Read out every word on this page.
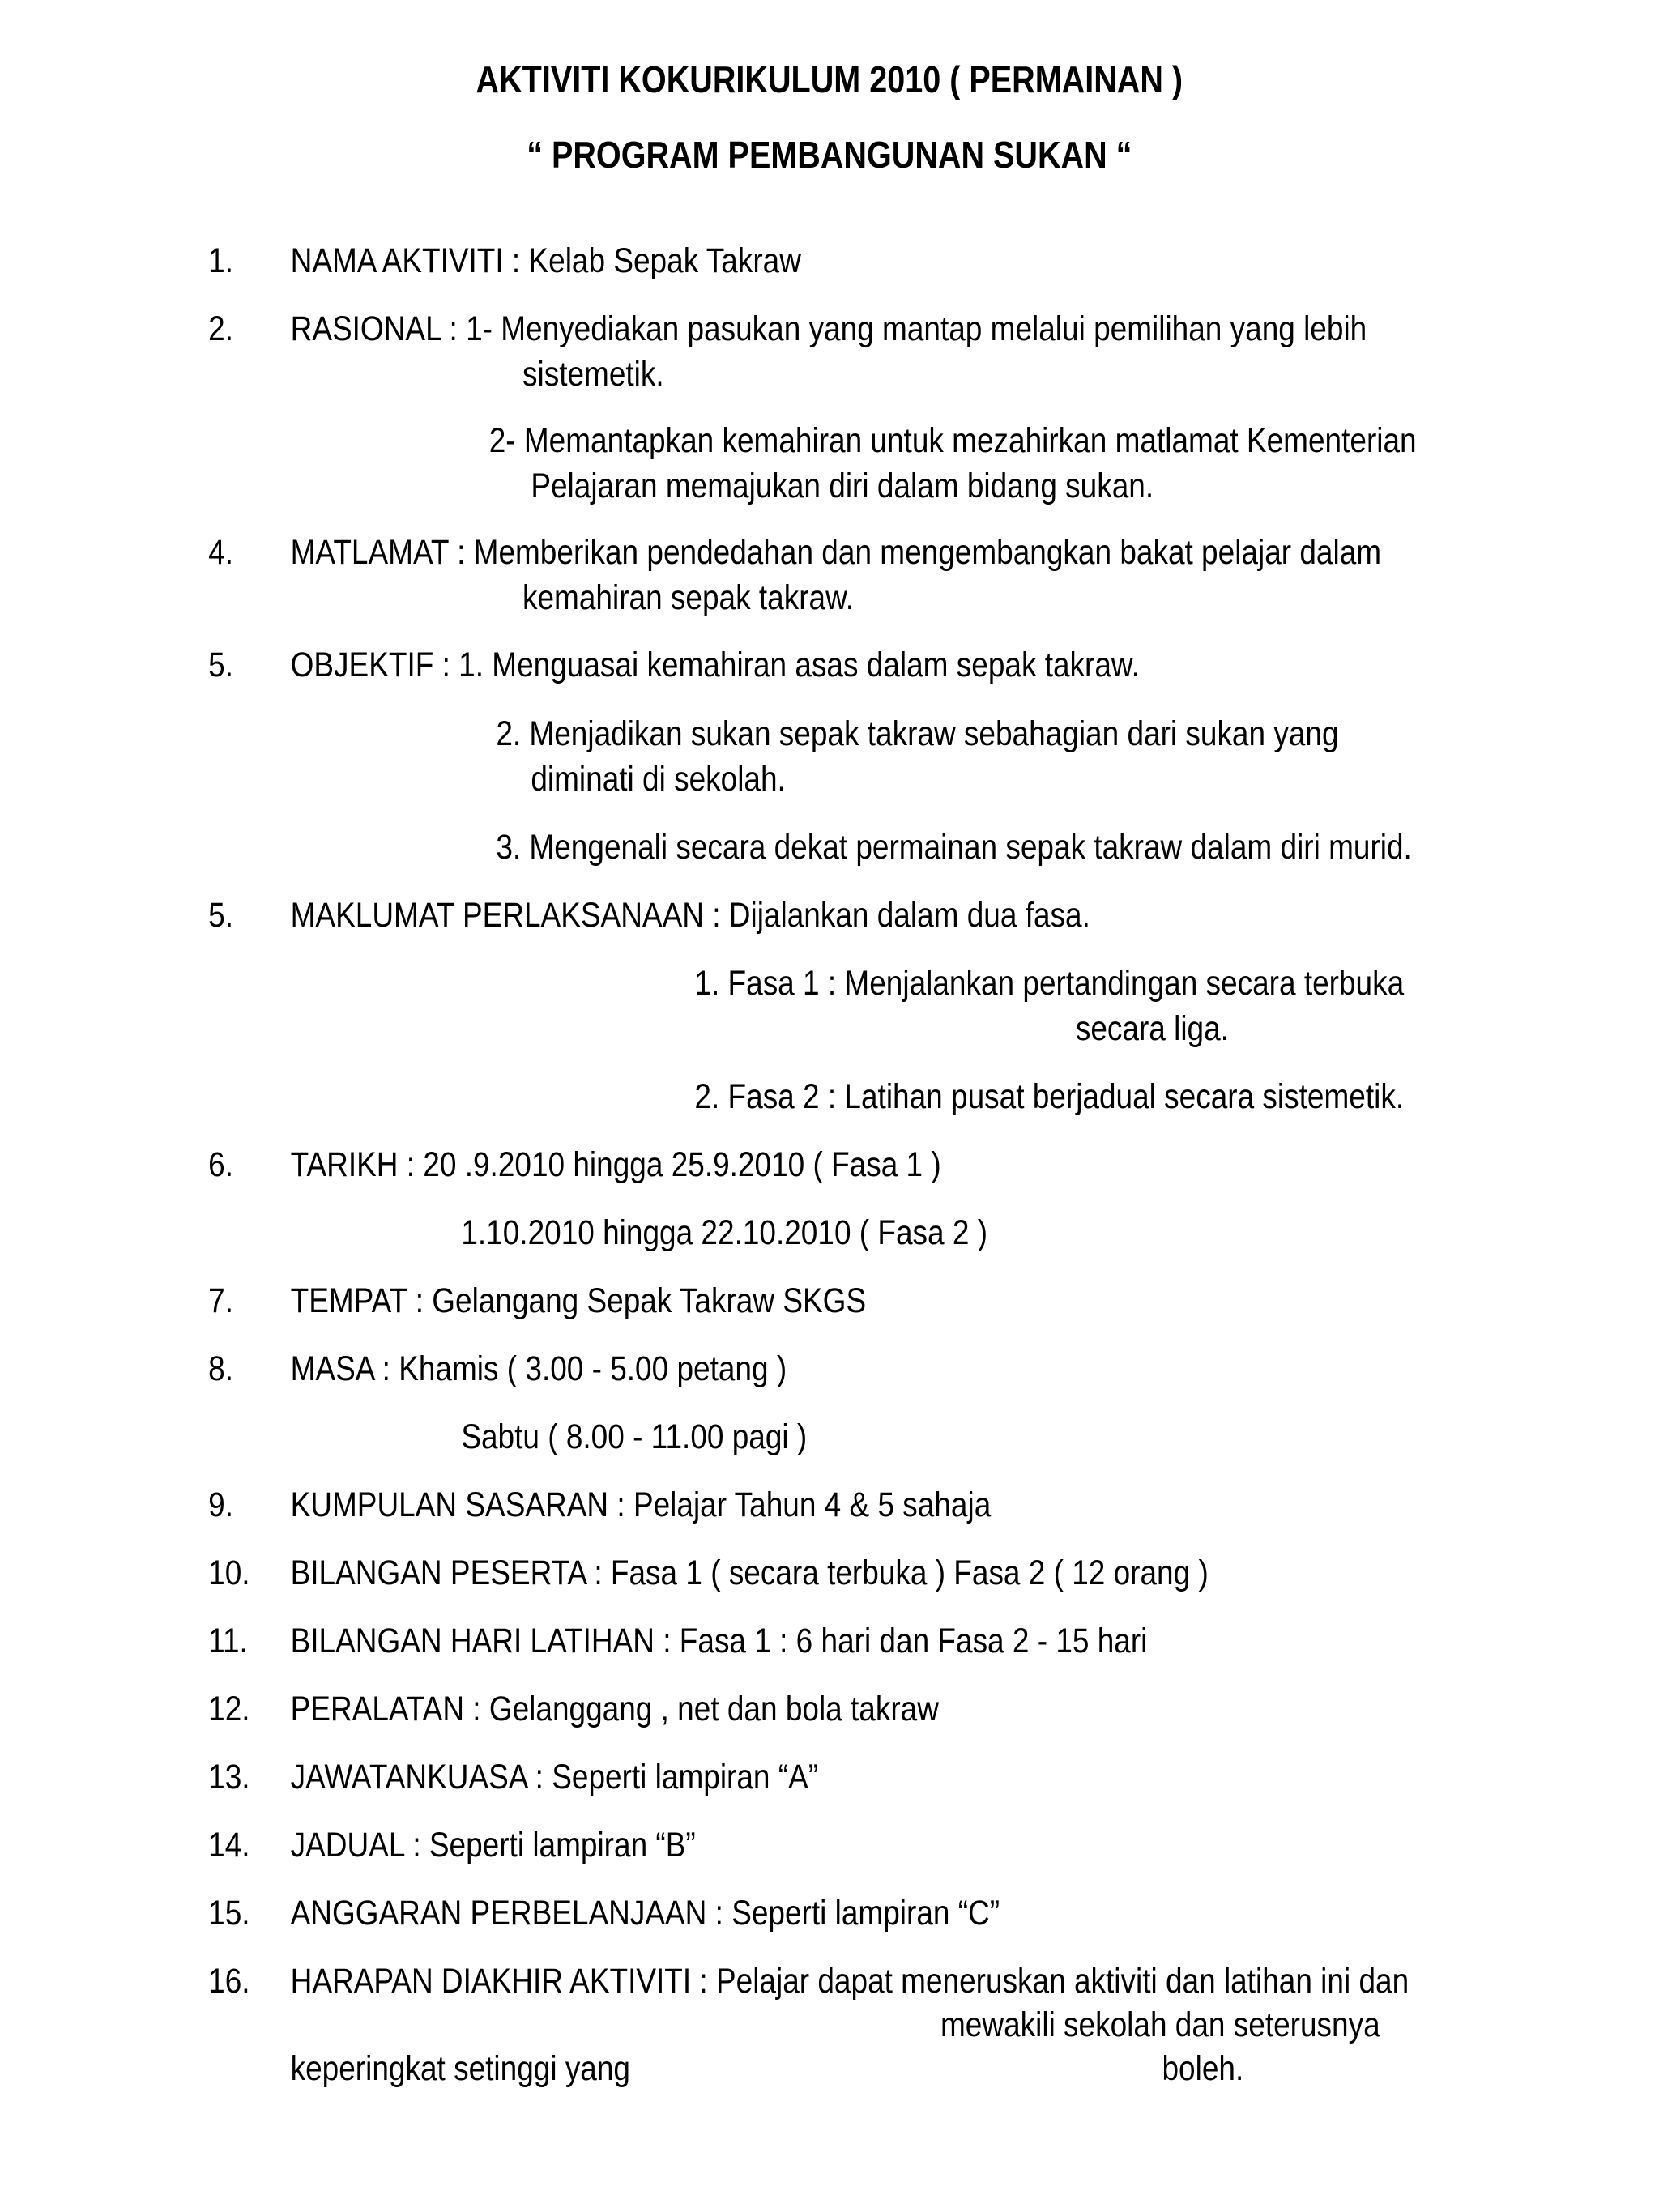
AKTIVITI KOKURIKULUM 2010 ( PERMAINAN )
“ PROGRAM PEMBANGUNAN SUKAN “
1. NAMA AKTIVITI : Kelab Sepak Takraw
2. RASIONAL : 1- Menyediakan pasukan yang mantap melalui pemilihan yang lebih
sistemetik.
2- Memantapkan kemahiran untuk mezahirkan matlamat Kementerian
Pelajaran memajukan diri dalam bidang sukan.
4. MATLAMAT : Memberikan pendedahan dan mengembangkan bakat pelajar dalam
kemahiran sepak takraw.
5. OBJEKTIF : 1. Menguasai kemahiran asas dalam sepak takraw.
2. Menjadikan sukan sepak takraw sebahagian dari sukan yang
diminati di sekolah.
3. Mengenali secara dekat permainan sepak takraw dalam diri murid.
5. MAKLUMAT PERLAKSANAAN : Dijalankan dalam dua fasa.
1. Fasa 1 : Menjalankan pertandingan secara terbuka
secara liga.
2. Fasa 2 : Latihan pusat berjadual secara sistemetik.
6. TARIKH : 20 .9.2010 hingga 25.9.2010 ( Fasa 1 )
1.10.2010 hingga 22.10.2010 ( Fasa 2 )
7. TEMPAT : Gelangang Sepak Takraw SKGS
8. MASA : Khamis ( 3.00 - 5.00 petang )
Sabtu ( 8.00 - 11.00 pagi )
9. KUMPULAN SASARAN : Pelajar Tahun 4 & 5 sahaja
10. BILANGAN PESERTA : Fasa 1 ( secara terbuka ) Fasa 2 ( 12 orang )
11. BILANGAN HARI LATIHAN : Fasa 1 : 6 hari dan Fasa 2 - 15 hari
12. PERALATAN : Gelanggang , net dan bola takraw
13. JAWATANKUASA : Seperti lampiran “A”
14. JADUAL : Seperti lampiran “B”
15. ANGGARAN PERBELANJAAN : Seperti lampiran “C”
16. HARAPAN DIAKHIR AKTIVITI : Pelajar dapat meneruskan aktiviti dan latihan ini dan
mewakili sekolah dan seterusnya
keperingkat setinggi yang	boleh.
